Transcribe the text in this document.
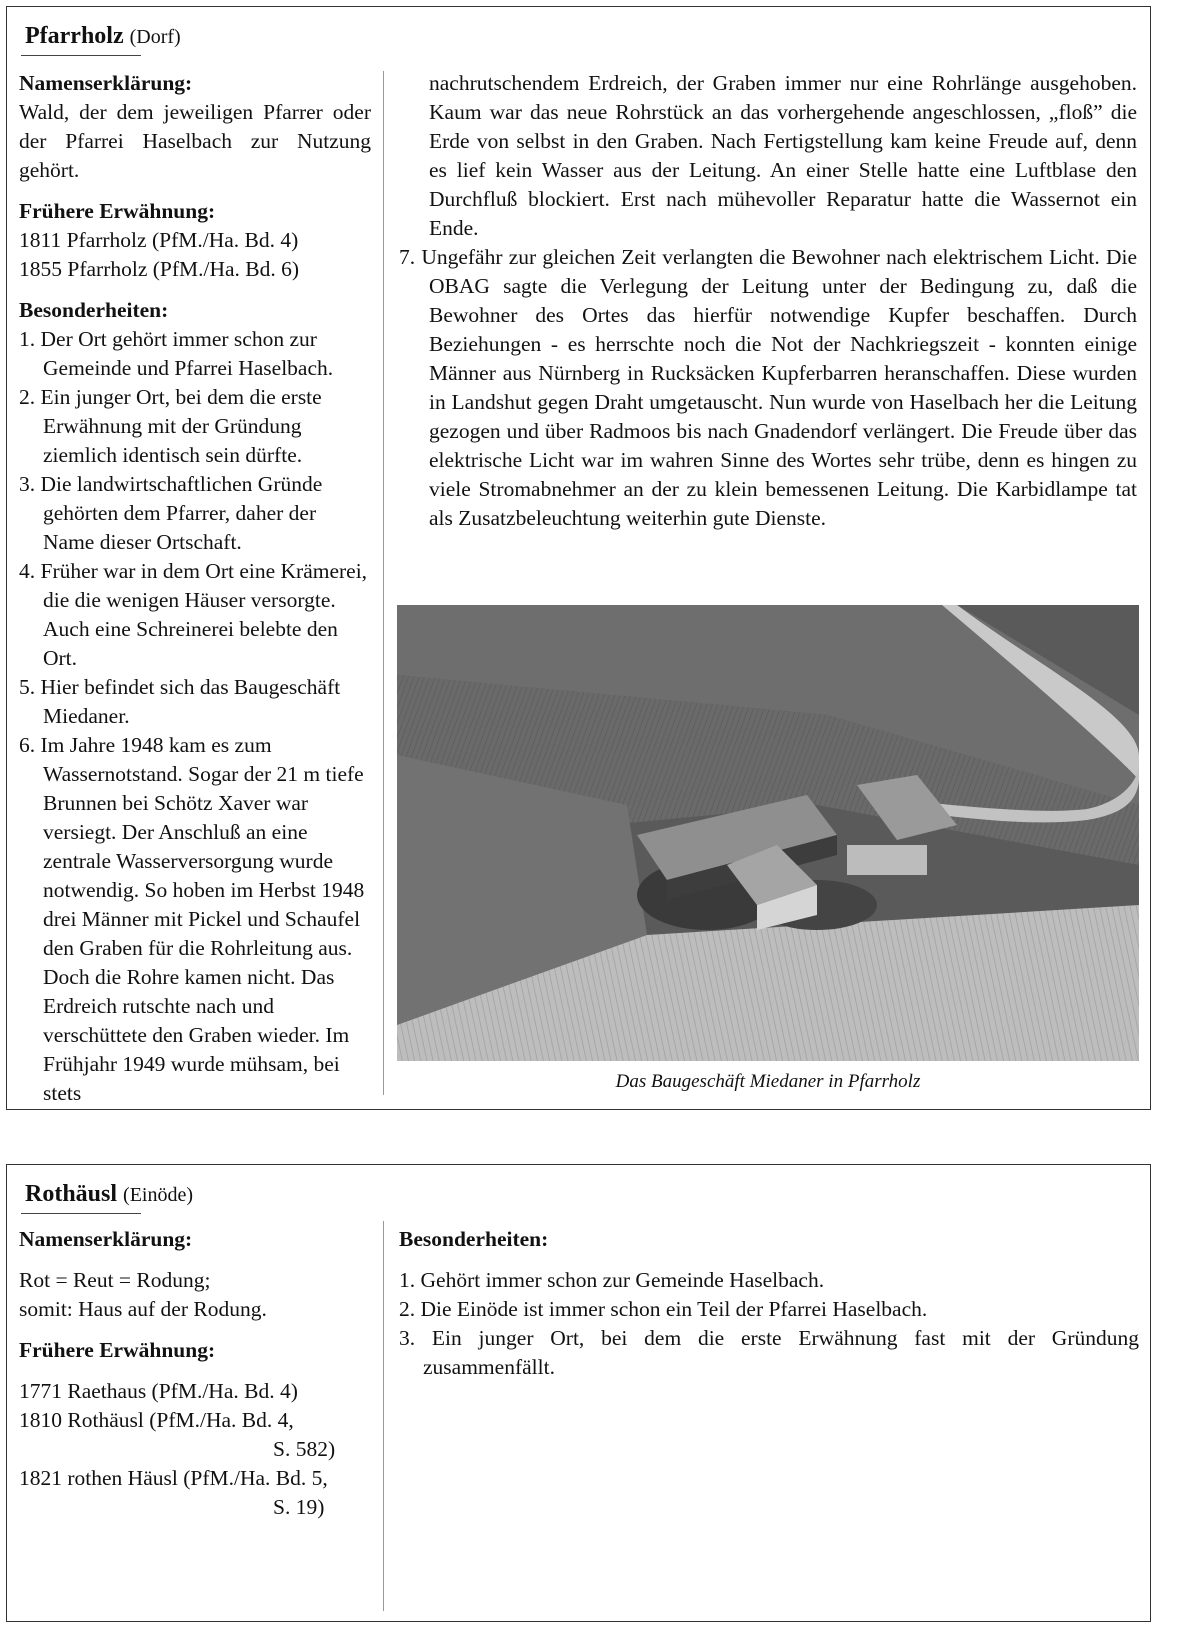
Pfarrholz (Dorf)

Namenserklärung:

Wald, der dem jeweiligen Pfarrer oder der Pfarrei Haselbach zur Nutzung gehört.

Frühere Erwähnung:

1811 Pfarrholz (PfM./Ha. Bd. 4)

1855 Pfarrholz (PfM./Ha. Bd. 6)

Besonderheiten:

1. Der Ort gehört immer schon zur Gemeinde und Pfarrei Haselbach.

2. Ein junger Ort, bei dem die erste Erwähnung mit der Gründung ziemlich identisch sein dürfte.

3. Die landwirtschaftlichen Gründe gehörten dem Pfarrer, daher der Name dieser Ortschaft.

4. Früher war in dem Ort eine Krämerei, die die wenigen Häuser versorgte. Auch eine Schreinerei belebte den Ort.

5. Hier befindet sich das Baugeschäft Miedaner.

6. Im Jahre 1948 kam es zum Wassernotstand. Sogar der 21 m tiefe Brunnen bei Schötz Xaver war versiegt. Der Anschluß an eine zentrale Wasserversorgung wurde notwendig. So hoben im Herbst 1948 drei Männer mit Pickel und Schaufel den Graben für die Rohrleitung aus. Doch die Rohre kamen nicht. Das Erdreich rutschte nach und verschüttete den Graben wieder. Im Frühjahr 1949 wurde mühsam, bei stets

nachrutschendem Erdreich, der Graben immer nur eine Rohrlänge ausgehoben. Kaum war das neue Rohrstück an das vorhergehende angeschlossen, „floß” die Erde von selbst in den Graben. Nach Fertigstellung kam keine Freude auf, denn es lief kein Wasser aus der Leitung. An einer Stelle hatte eine Luftblase den Durchfluß blockiert. Erst nach mühevoller Reparatur hatte die Wassernot ein Ende.

7. Ungefähr zur gleichen Zeit verlangten die Bewohner nach elektrischem Licht. Die OBAG sagte die Verlegung der Leitung unter der Bedingung zu, daß die Bewohner des Ortes das hierfür notwendige Kupfer beschaffen. Durch Beziehungen - es herrschte noch die Not der Nachkriegszeit - konnten einige Männer aus Nürnberg in Rucksäcken Kupferbarren heranschaffen. Diese wurden in Landshut gegen Draht umgetauscht. Nun wurde von Haselbach her die Leitung gezogen und über Radmoos bis nach Gnadendorf verlängert. Die Freude über das elektrische Licht war im wahren Sinne des Wortes sehr trübe, denn es hingen zu viele Stromabnehmer an der zu klein bemessenen Leitung. Die Karbidlampe tat als Zusatzbeleuchtung weiterhin gute Dienste.

Das Baugeschäft Miedaner in Pfarrholz
Rothäusl (Einöde)

Namenserklärung:

Rot = Reut = Rodung;

somit: Haus auf der Rodung.

Frühere Erwähnung:

1771 Raethaus (PfM./Ha. Bd. 4)

1810 Rothäusl (PfM./Ha. Bd. 4,

S. 582)

1821 rothen Häusl (PfM./Ha. Bd. 5,

S. 19)

Besonderheiten:

1. Gehört immer schon zur Gemeinde Haselbach.

2. Die Einöde ist immer schon ein Teil der Pfarrei Haselbach.

3. Ein junger Ort, bei dem die erste Erwähnung fast mit der Gründung zusammenfällt.
